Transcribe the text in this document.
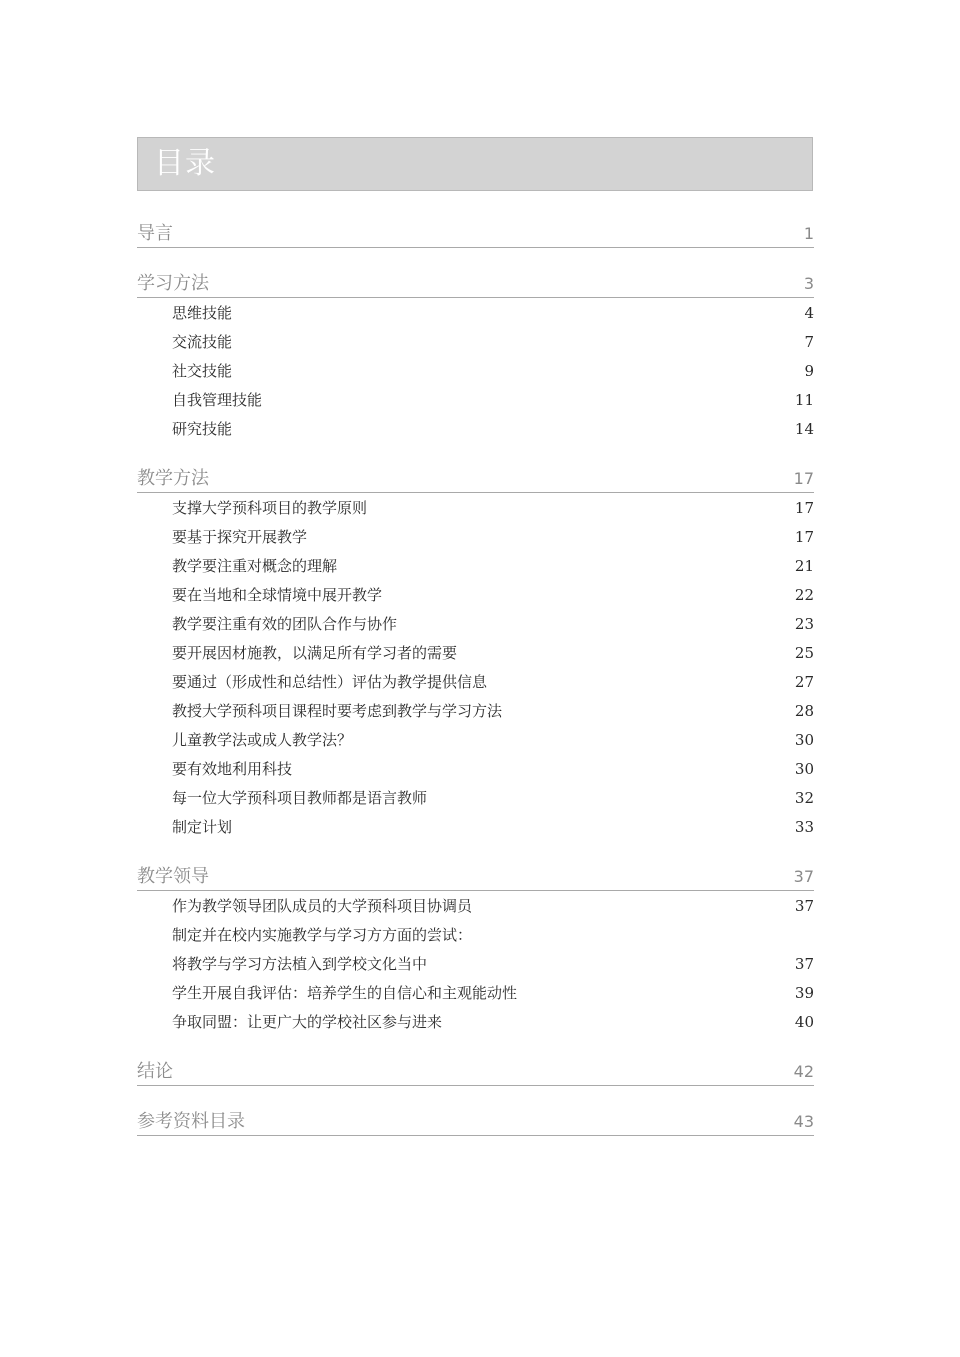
目录
导言	1
学习方法	3
思维技能	4
交流技能	7
社交技能	9
自我管理技能	11
研究技能	14
教学方法	17
支撑大学预科项目的教学原则	17
要基于探究开展教学	17
教学要注重对概念的理解	21
要在当地和全球情境中展开教学	22
教学要注重有效的团队合作与协作	23
要开展因材施教，以满足所有学习者的需要	25
要通过（形成性和总结性）评估为教学提供信息	27
教授大学预科项目课程时要考虑到教学与学习方法	28
儿童教学法或成人教学法？	30
要有效地利用科技	30
每一位大学预科项目教师都是语言教师	32
制定计划	33
教学领导	37
作为教学领导团队成员的大学预科项目协调员	37
制定并在校内实施教学与学习方方面的尝试：
将教学与学习方法植入到学校文化当中	37
学生开展自我评估：培养学生的自信心和主观能动性	39
争取同盟：让更广大的学校社区参与进来	40
结论	42
参考资料目录	43
